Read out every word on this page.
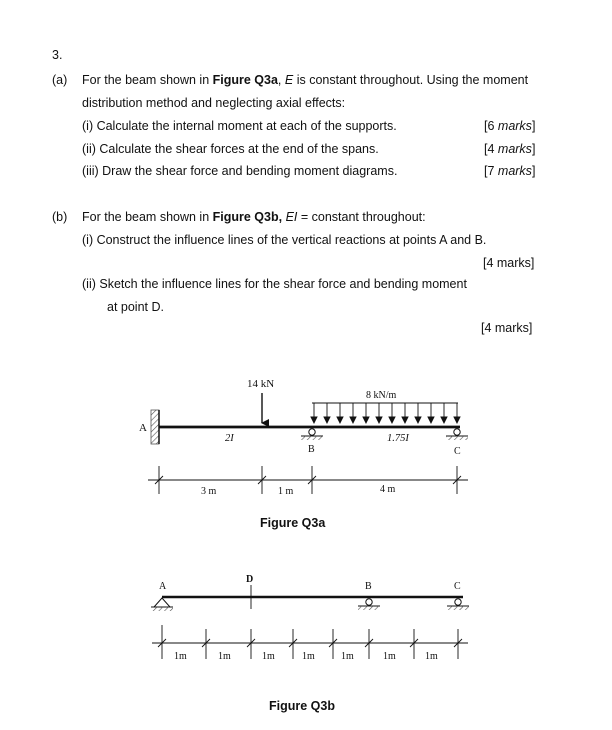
3.
(a) For the beam shown in Figure Q3a, E is constant throughout. Using the moment
distribution method and neglecting axial effects:
(i) Calculate the internal moment at each of the supports.	[6 marks]
(ii) Calculate the shear forces at the end of the spans.	[4 marks]
(iii) Draw the shear force and bending moment diagrams.	[7 marks]
(b) For the beam shown in Figure Q3b, EI = constant throughout:
(i) Construct the influence lines of the vertical reactions at points A and B.
[4 marks]
(ii) Sketch the influence lines for the shear force and bending moment
at point D.
[4 marks]
A
14 kN
8 kN/m
2I	1.75I
B	C
3 m	1 m	4 m
Figure Q3a
A
D
B	C
1m	1m	1m	1m	1m	1m	1m
Figure Q3b
